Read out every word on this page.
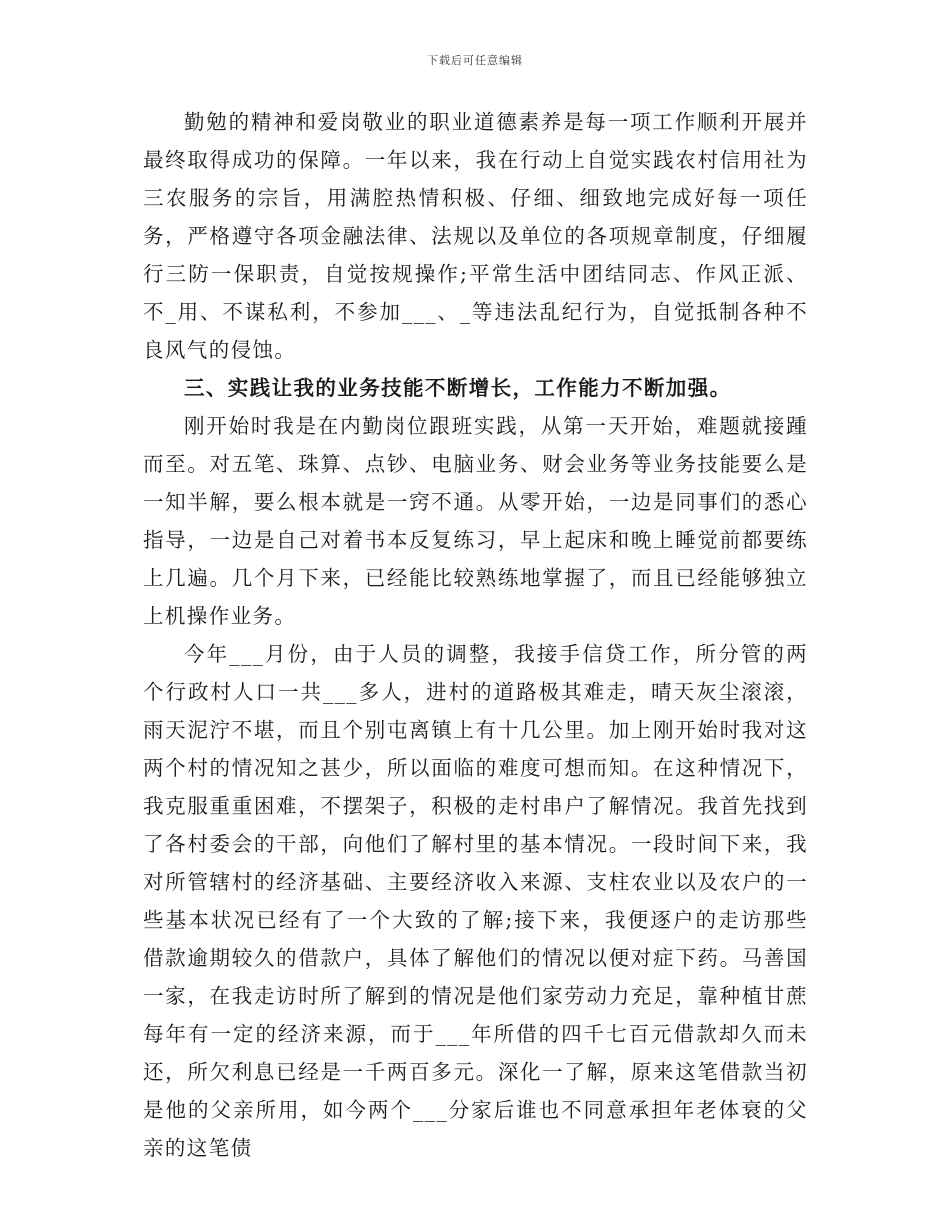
下载后可任意编辑

勤勉的精神和爱岗敬业的职业道德素养是每一项工作顺利开展并最终取得成功的保障。一年以来，我在行动上自觉实践农村信用社为三农服务的宗旨，用满腔热情积极、仔细、细致地完成好每一项任务，严格遵守各项金融法律、法规以及单位的各项规章制度，仔细履行三防一保职责，自觉按规操作;平常生活中团结同志、作风正派、不_用、不谋私利，不参加___、_等违法乱纪行为，自觉抵制各种不良风气的侵蚀。

三、实践让我的业务技能不断增长，工作能力不断加强。

刚开始时我是在内勤岗位跟班实践，从第一天开始，难题就接踵而至。对五笔、珠算、点钞、电脑业务、财会业务等业务技能要么是一知半解，要么根本就是一窍不通。从零开始，一边是同事们的悉心指导，一边是自己对着书本反复练习，早上起床和晚上睡觉前都要练上几遍。几个月下来，已经能比较熟练地掌握了，而且已经能够独立上机操作业务。

今年___月份，由于人员的调整，我接手信贷工作，所分管的两个行政村人口一共___多人，进村的道路极其难走，晴天灰尘滚滚，雨天泥泞不堪，而且个别屯离镇上有十几公里。加上刚开始时我对这两个村的情况知之甚少，所以面临的难度可想而知。在这种情况下，我克服重重困难，不摆架子，积极的走村串户了解情况。我首先找到了各村委会的干部，向他们了解村里的基本情况。一段时间下来，我对所管辖村的经济基础、主要经济收入来源、支柱农业以及农户的一些基本状况已经有了一个大致的了解;接下来，我便逐户的走访那些借款逾期较久的借款户，具体了解他们的情况以便对症下药。马善国一家，在我走访时所了解到的情况是他们家劳动力充足，靠种植甘蔗每年有一定的经济来源，而于___年所借的四千七百元借款却久而未还，所欠利息已经是一千两百多元。深化一了解，原来这笔借款当初是他的父亲所用，如今两个___分家后谁也不同意承担年老体衰的父亲的这笔债
